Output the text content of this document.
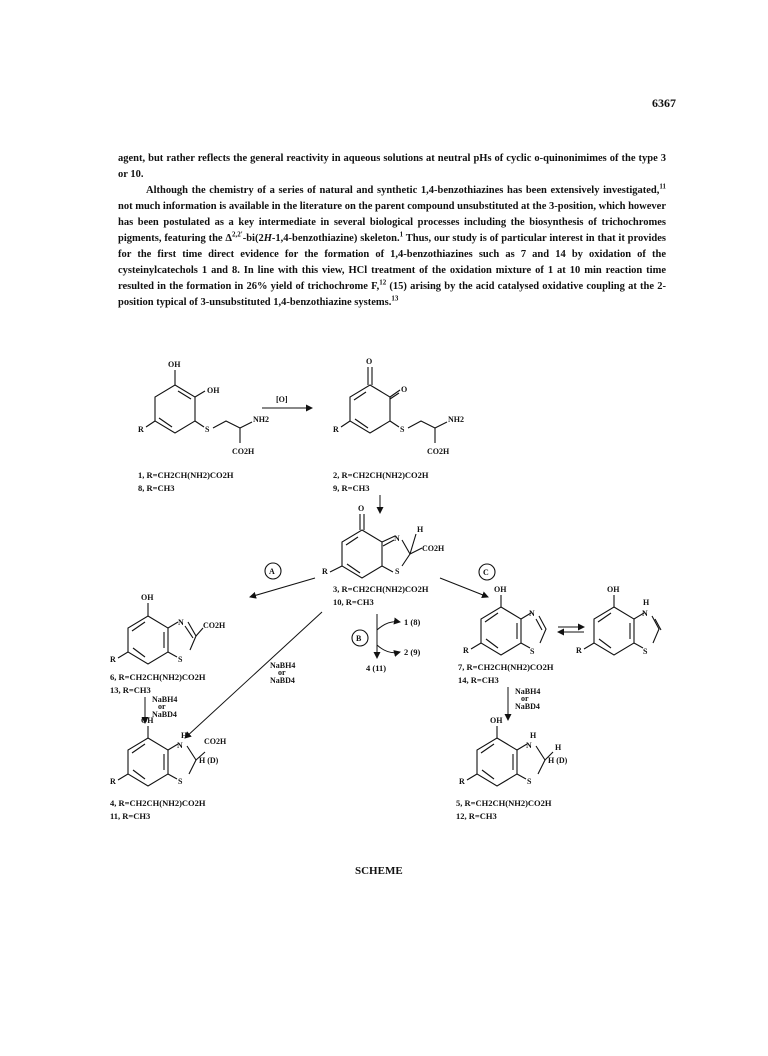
6367

agent, but rather reflects the general reactivity in aqueous solutions at neutral pHs of cyclic o-quinonimimes of the type 3 or 10.

Although the chemistry of a series of natural and synthetic 1,4-benzothiazines has been extensively investigated,$^{11}$ not much information is available in the literature on the parent compound unsubstituted at the 3-position, which however has been postulated as a key intermediate in several biological processes including the biosynthesis of trichochromes pigments, featuring the $\Delta^{2,2'}-bi(2H-1,4-benzothiazine)$ skeleton.$^1$ Thus, our study is of particular interest in that it provides for the first time direct evidence for the formation of 1,4-benzothiazines such as 7 and 14 by oxidation of the cysteinylcatechols 1 and 8. In line with this view, HCl treatment of the oxidation mixture of 1 at 10 min reaction time resulted in the formation in 26% yield of trichochrome F,$^{12}$ (15) arising by the acid catalysed oxidative coupling at the 2-position typical of 3-unsubstituted 1,4-benzothiazine systems.$^{13}$

OH
OH
R	S
NH2
CO2H
1, R=CH2CH(NH2)CO2H
8, R=CH3
[O]
O
O
R	S
NH2
CO2H
2, R=CH2CH(NH2)CO2H
9, R=CH3
O
N
H
CO2H
S
R
3, R=CH2CH(NH2)CO2H
10, R=CH3
A	C
OH
N CO2H
S
R
6, R=CH2CH(NH2)CO2H
13, R=CH3
NaBH4
or
NaBD4
NaBH4
or
NaBD4
B
1 (8)
2 (9)
4 (11)
OH
N
S
R
OH
H
N
S
R
7, R=CH2CH(NH2)CO2H
14, R=CH3
NaBH4
or
NaBD4
OH
H
N	CO2H
H (D)
S
R
4, R=CH2CH(NH2)CO2H
11, R=CH3
OH
H
N	H
H (D)
S
R
5, R=CH2CH(NH2)CO2H
12, R=CH3
SCHEME
